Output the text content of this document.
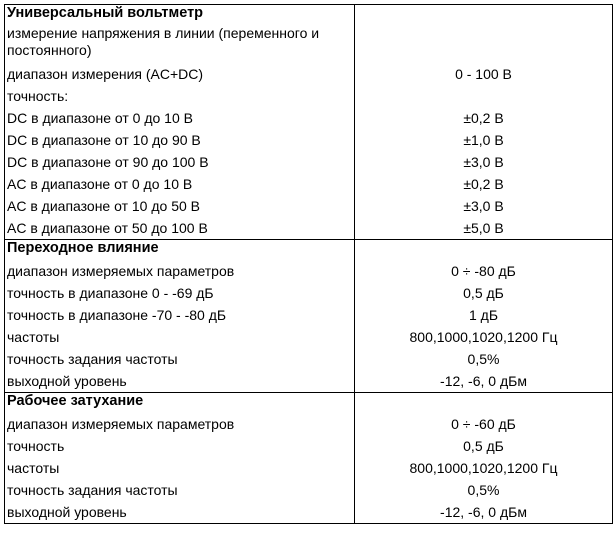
Универсальный вольтметр	
измерение напряжения в линии (переменного и постоянного)	
диапазон измерения (AC+DC)	0 - 100 В
точность:	
DC в диапазоне от 0 до 10 В	±0,2 В
DC в диапазоне от 10 до 90 В	±1,0 В
DC в диапазоне от 90 до 100 В	±3,0 В
AC в диапазоне от 0 до 10 В	±0,2 В
AC в диапазоне от 10 до 50 В	±3,0 В
AC в диапазоне от 50 до 100 В	±5,0 В
Переходное влияние	
диапазон измеряемых параметров	0 ÷ -80 дБ
точность в диапазоне 0 - -69 дБ	0,5 дБ
точность в диапазоне -70 - -80 дБ	1 дБ
частоты	800,1000,1020,1200 Гц
точность задания частоты	0,5%
выходной уровень	-12, -6, 0 дБм
Рабочее затухание	
диапазон измеряемых параметров	0 ÷ -60 дБ
точность	0,5 дБ
частоты	800,1000,1020,1200 Гц
точность задания частоты	0,5%
выходной уровень	-12, -6, 0 дБм
